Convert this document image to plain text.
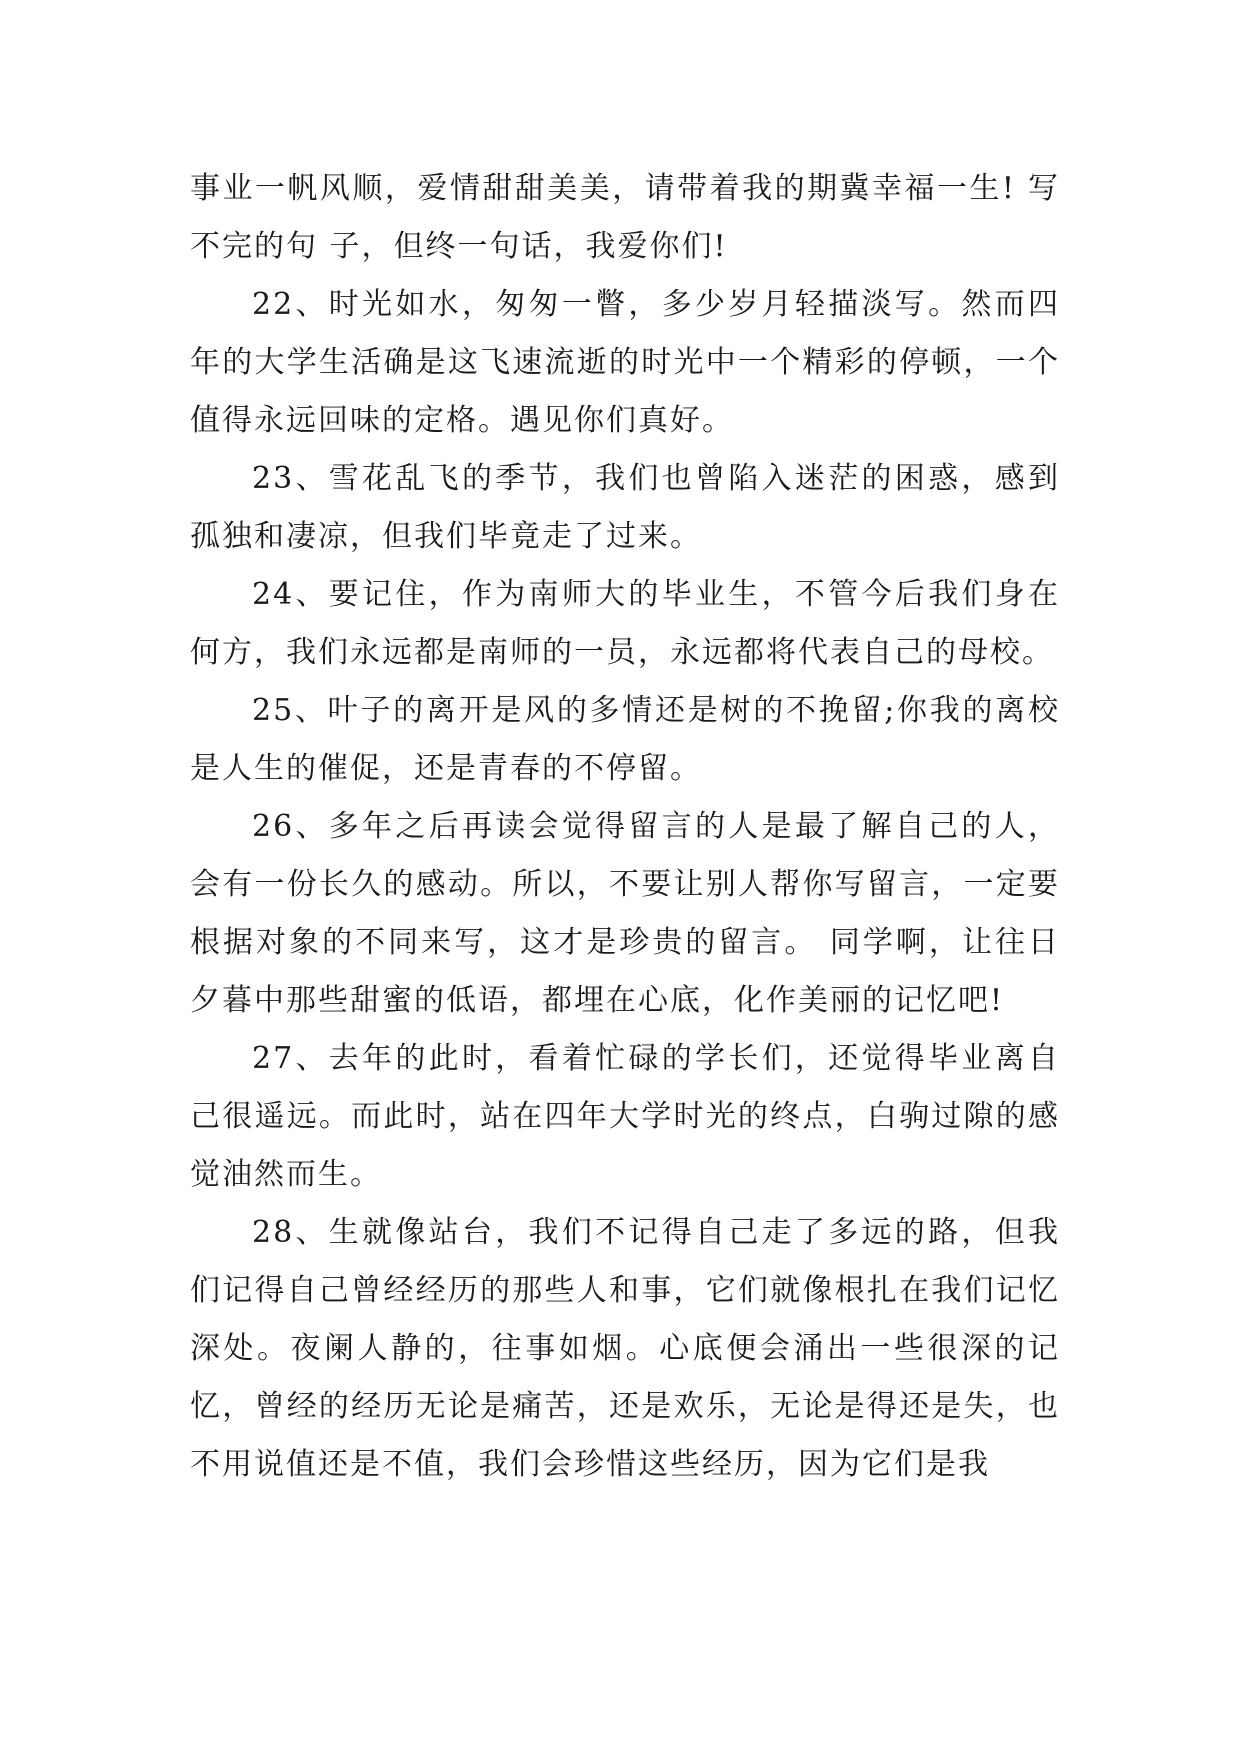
事业一帆风顺，爱情甜甜美美，请带着我的期冀幸福一生! 写不完的句 子，但终一句话，我爱你们!

22、时光如水，匆匆一瞥，多少岁月轻描淡写。然而四年的大学生活确是这飞速流逝的时光中一个精彩的停顿，一个值得永远回味的定格。遇见你们真好。

23、雪花乱飞的季节，我们也曾陷入迷茫的困惑，感到孤独和凄凉，但我们毕竟走了过来。

24、要记住，作为南师大的毕业生，不管今后我们身在何方，我们永远都是南师的一员，永远都将代表自己的母校。

25、叶子的离开是风的多情还是树的不挽留;你我的离校是人生的催促，还是青春的不停留。

26、多年之后再读会觉得留言的人是最了解自己的人，会有一份长久的感动。所以，不要让别人帮你写留言，一定要根据对象的不同来写，这才是珍贵的留言。 同学啊，让往日夕暮中那些甜蜜的低语，都埋在心底，化作美丽的记忆吧!

27、去年的此时，看着忙碌的学长们，还觉得毕业离自己很遥远。而此时，站在四年大学时光的终点，白驹过隙的感觉油然而生。

28、生就像站台，我们不记得自己走了多远的路，但我们记得自己曾经经历的那些人和事，它们就像根扎在我们记忆深处。夜阑人静的，往事如烟。心底便会涌出一些很深的记忆，曾经的经历无论是痛苦，还是欢乐，无论是得还是失，也不用说值还是不值，我们会珍惜这些经历，因为它们是我
